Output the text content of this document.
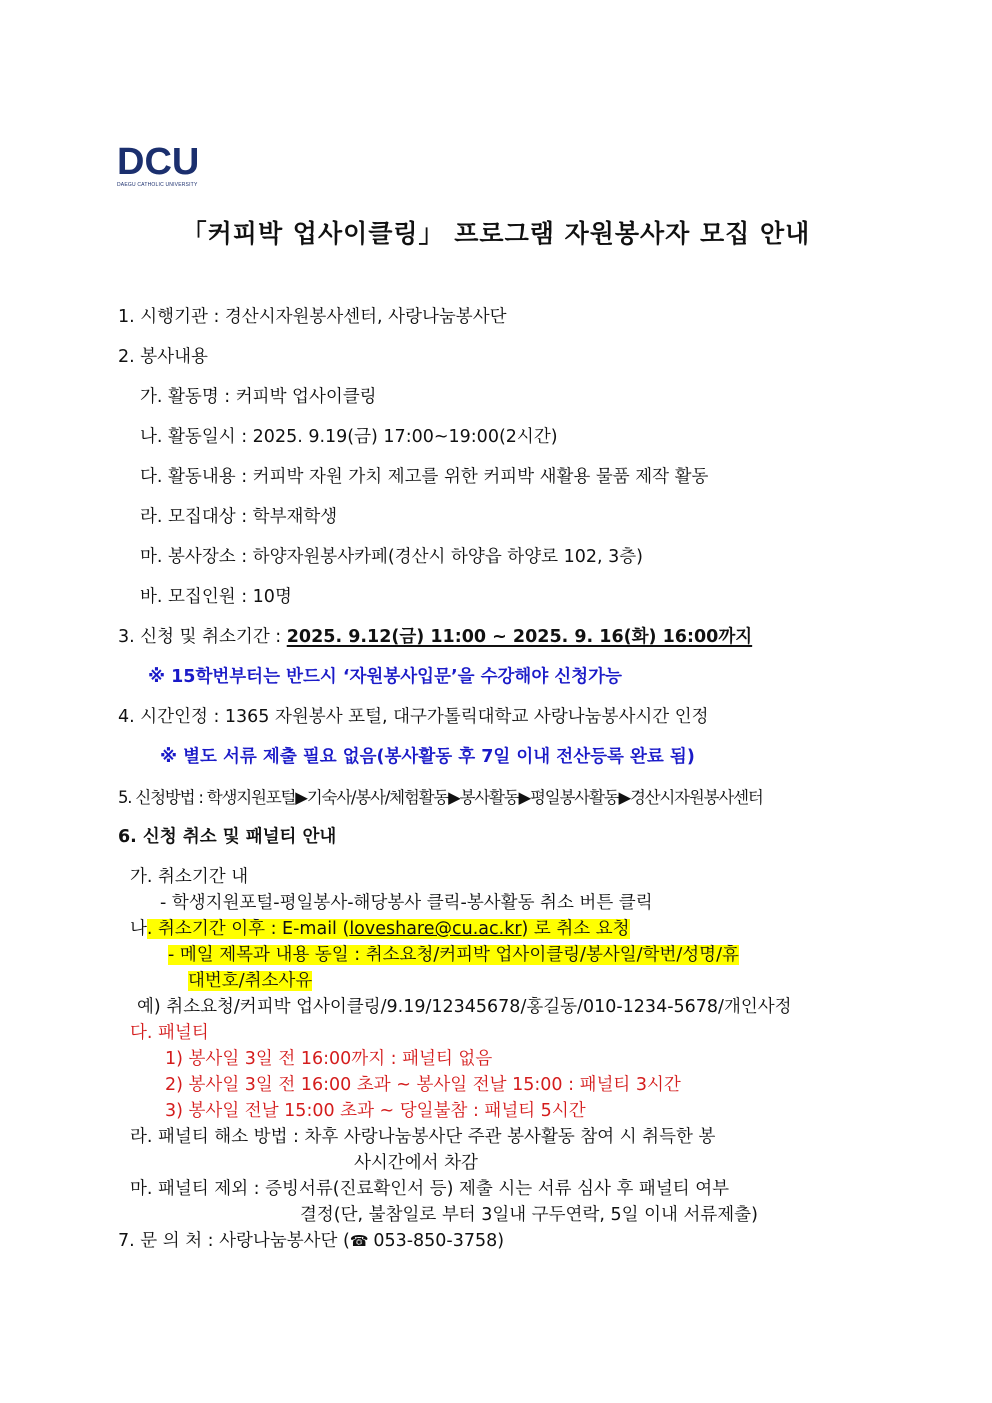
DCU
DAEGU CATHOLIC UNIVERSITY
「커피박 업사이클링」 프로그램 자원봉사자 모집 안내
1. 시행기관 : 경산시자원봉사센터, 사랑나눔봉사단
2. 봉사내용
가. 활동명 : 커피박 업사이클링
나. 활동일시 : 2025. 9.19(금) 17:00~19:00(2시간)
다. 활동내용 : 커피박 자원 가치 제고를 위한 커피박 새활용 물품 제작 활동
라. 모집대상 : 학부재학생
마. 봉사장소 : 하양자원봉사카페(경산시 하양읍 하양로 102, 3층)
바. 모집인원 : 10명
3. 신청 및 취소기간 : 2025. 9.12(금) 11:00 ~ 2025. 9. 16(화) 16:00까지
※ 15학번부터는 반드시 ‘자원봉사입문’을 수강해야 신청가능
4. 시간인정 : 1365 자원봉사 포털, 대구가톨릭대학교 사랑나눔봉사시간 인정
※ 별도 서류 제출 필요 없음(봉사활동 후 7일 이내 전산등록 완료 됨)
5. 신청방법 : 학생지원포털▶기숙사/봉사/체험활동▶봉사활동▶평일봉사활동▶경산시자원봉사센터
6. 신청 취소 및 패널티 안내
가. 취소기간 내
- 학생지원포털-평일봉사-해당봉사 클릭-봉사활동 취소 버튼 클릭
나. 취소기간 이후 : E-mail (loveshare@cu.ac.kr) 로 취소 요청
- 메일 제목과 내용 동일 : 취소요청/커피박 업사이클링/봉사일/학번/성명/휴
대번호/취소사유
예) 취소요청/커피박 업사이클링/9.19/12345678/홍길동/010-1234-5678/개인사정
다. 패널티
1) 봉사일 3일 전 16:00까지 : 패널티 없음
2) 봉사일 3일 전 16:00 초과 ~ 봉사일 전날 15:00 : 패널티 3시간
3) 봉사일 전날 15:00 초과 ~ 당일불참 : 패널티 5시간
라. 패널티 해소 방법 : 차후 사랑나눔봉사단 주관 봉사활동 참여 시 취득한 봉
사시간에서 차감
마. 패널티 제외 : 증빙서류(진료확인서 등) 제출 시는 서류 심사 후 패널티 여부
결정(단, 불참일로 부터 3일내 구두연락, 5일 이내 서류제출)
7. 문 의 처 : 사랑나눔봉사단 (☎ 053-850-3758)
